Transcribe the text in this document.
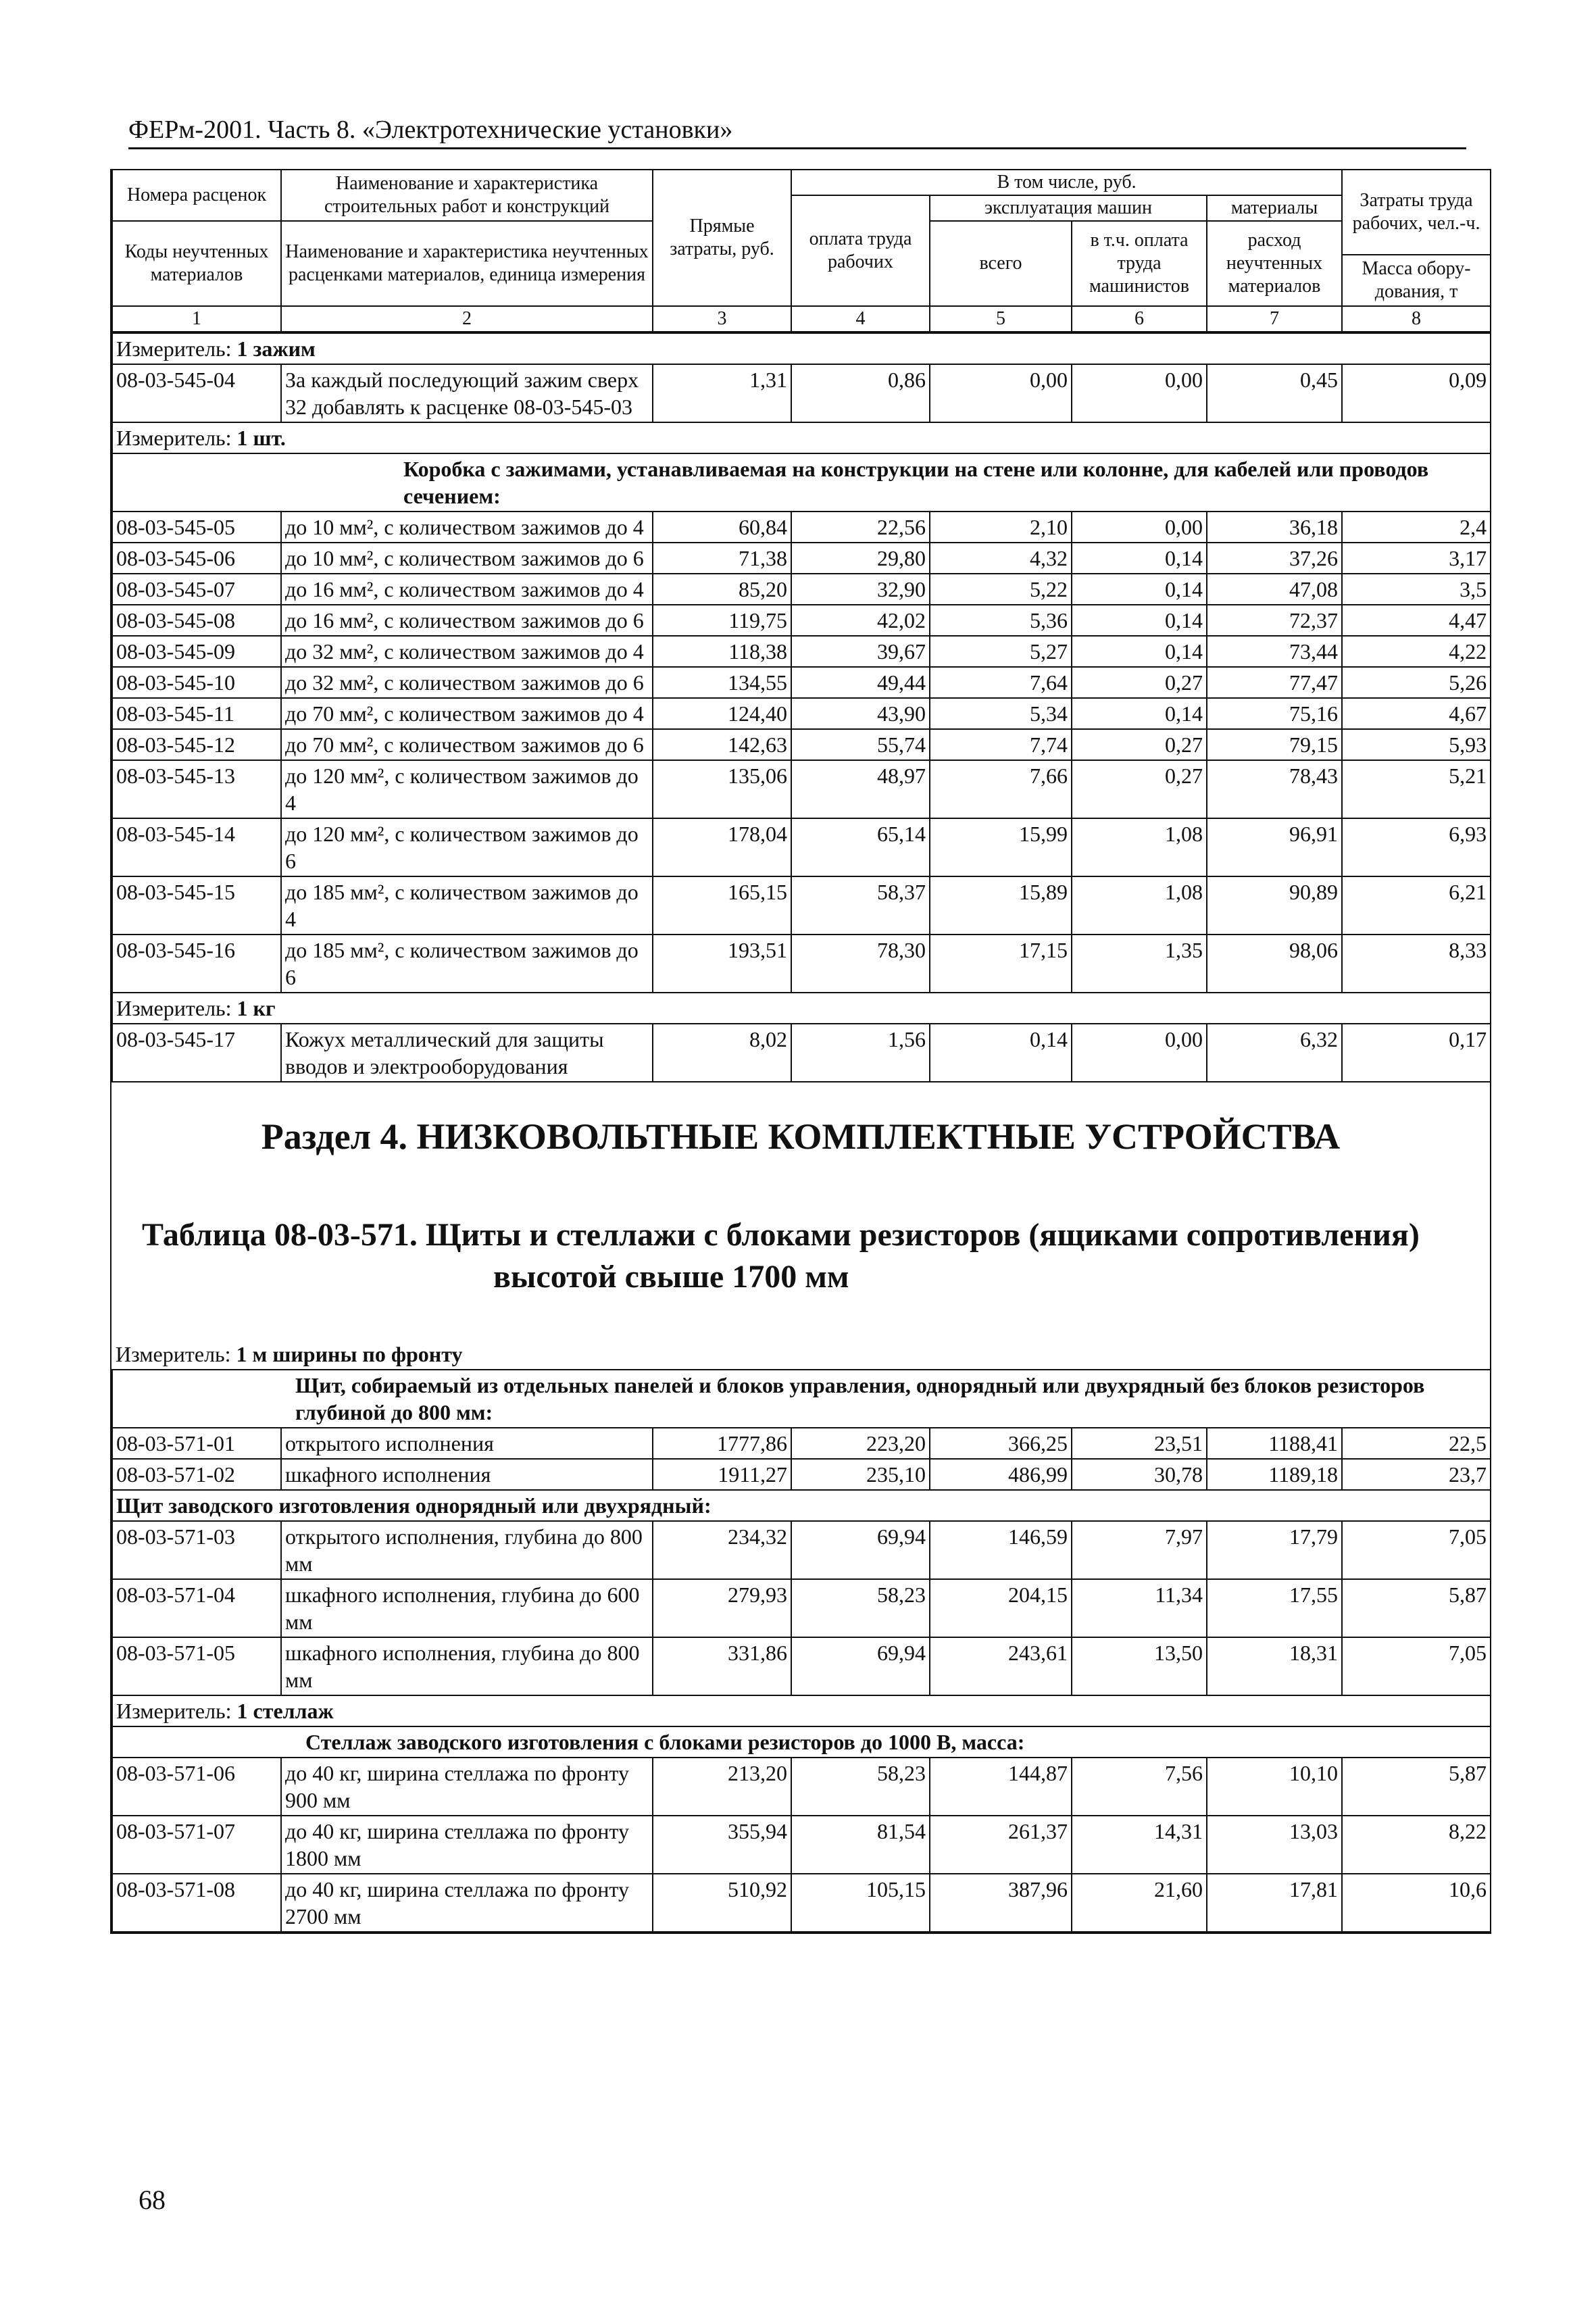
ФЕРм-2001. Часть 8. «Электротехнические установки»
Номера расценок	Наименование и характеристика строительных работ и конструкций	Прямые затраты, руб.	В том числе, руб.				Затраты труда рабочих, чел.-ч.
			оплата труда рабочих	эксплуатация машин		материалы	
Коды неучтенных материалов	Наименование и характеристика неучтенных расценками материалов, единица измерения			всего	в т.ч. оплата труда машинистов	расход неучтенных материалов	
							Масса обору-дования, т
1	2	3	4	5	6	7	8
Измеритель: 1 зажим							
08-03-545-04	За каждый последующий зажим сверх 32 добавлять к расценке 08-03-545-03	1,31	0,86	0,00	0,00	0,45	0,09
Измеритель: 1 шт.							
Коробка с зажимами, устанавливаемая на конструкции на стене или колонне, для кабелей или проводов сечением:							
08-03-545-05	до 10 мм², с количеством зажимов до 4	60,84	22,56	2,10	0,00	36,18	2,4
08-03-545-06	до 10 мм², с количеством зажимов до 6	71,38	29,80	4,32	0,14	37,26	3,17
08-03-545-07	до 16 мм², с количеством зажимов до 4	85,20	32,90	5,22	0,14	47,08	3,5
08-03-545-08	до 16 мм², с количеством зажимов до 6	119,75	42,02	5,36	0,14	72,37	4,47
08-03-545-09	до 32 мм², с количеством зажимов до 4	118,38	39,67	5,27	0,14	73,44	4,22
08-03-545-10	до 32 мм², с количеством зажимов до 6	134,55	49,44	7,64	0,27	77,47	5,26
08-03-545-11	до 70 мм², с количеством зажимов до 4	124,40	43,90	5,34	0,14	75,16	4,67
08-03-545-12	до 70 мм², с количеством зажимов до 6	142,63	55,74	7,74	0,27	79,15	5,93
08-03-545-13	до 120 мм², с количеством зажимов до 4	135,06	48,97	7,66	0,27	78,43	5,21
08-03-545-14	до 120 мм², с количеством зажимов до 6	178,04	65,14	15,99	1,08	96,91	6,93
08-03-545-15	до 185 мм², с количеством зажимов до 4	165,15	58,37	15,89	1,08	90,89	6,21
08-03-545-16	до 185 мм², с количеством зажимов до 6	193,51	78,30	17,15	1,35	98,06	8,33
Измеритель: 1 кг							
08-03-545-17	Кожух металлический для защиты вводов и электрооборудования	8,02	1,56	0,14	0,00	6,32	0,17
Раздел 4. НИЗКОВОЛЬТНЫЕ КОМПЛЕКТНЫЕ УСТРОЙСТВА
Таблица 08-03-571. Щиты и стеллажи с блоками резисторов (ящиками сопротивления)
высотой свыше 1700 мм
Измеритель: 1 м ширины по фронту							
Щит, собираемый из отдельных панелей и блоков управления, однорядный или двухрядный без блоков резисторов глубиной до 800 мм:							
08-03-571-01	открытого исполнения	1777,86	223,20	366,25	23,51	1188,41	22,5
08-03-571-02	шкафного исполнения	1911,27	235,10	486,99	30,78	1189,18	23,7
Щит заводского изготовления однорядный или двухрядный:							
08-03-571-03	открытого исполнения, глубина до 800 мм	234,32	69,94	146,59	7,97	17,79	7,05
08-03-571-04	шкафного исполнения, глубина до 600 мм	279,93	58,23	204,15	11,34	17,55	5,87
08-03-571-05	шкафного исполнения, глубина до 800 мм	331,86	69,94	243,61	13,50	18,31	7,05
Измеритель: 1 стеллаж							
Стеллаж заводского изготовления с блоками резисторов до 1000 В, масса:							
08-03-571-06	до 40 кг, ширина стеллажа по фронту 900 мм	213,20	58,23	144,87	7,56	10,10	5,87
08-03-571-07	до 40 кг, ширина стеллажа по фронту 1800 мм	355,94	81,54	261,37	14,31	13,03	8,22
08-03-571-08	до 40 кг, ширина стеллажа по фронту 2700 мм	510,92	105,15	387,96	21,60	17,81	10,6
68
